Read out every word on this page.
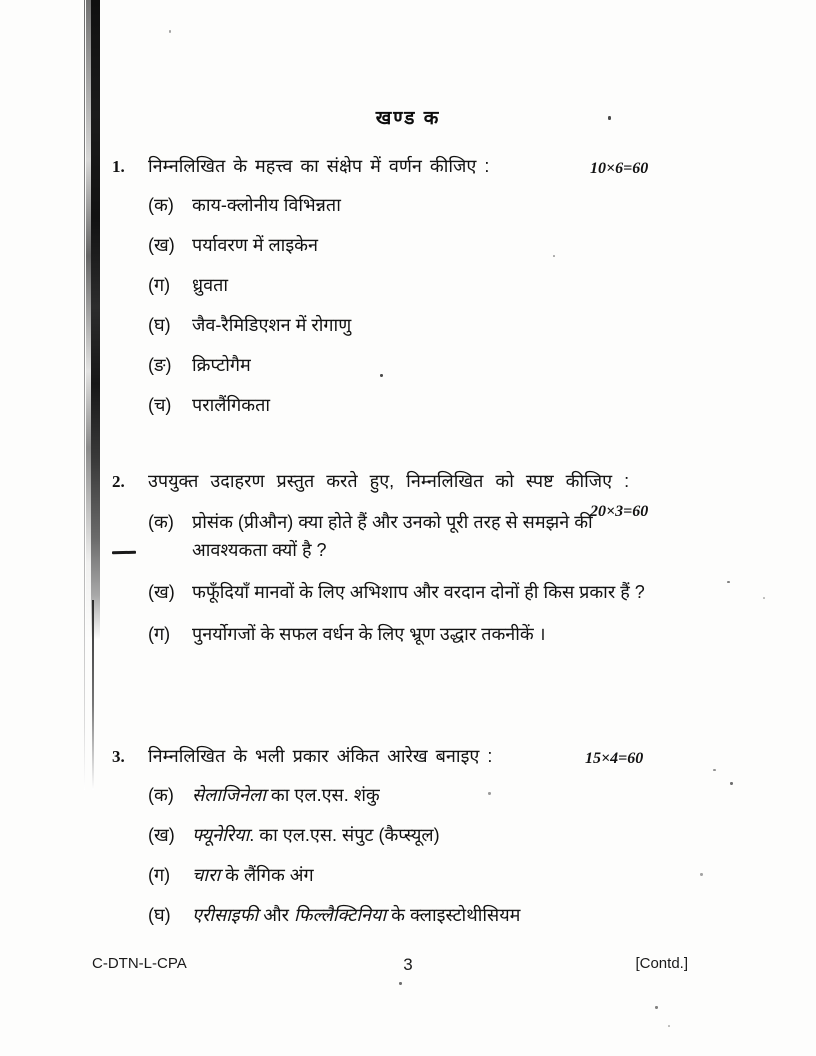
खण्ड क
1.	निम्नलिखित के महत्त्व का संक्षेप में वर्णन कीजिए :
(क)	काय-क्लोनीय विभिन्नता
(ख) पर्यावरण में लाइकेन
(ग)	ध्रुवता
(घ)	जैव-रैमिडिएशन में रोगाणु
(ङ)	क्रिप्टोगैम
(च)	परालैंगिकता
10×6=60
2.	उपयुक्त उदाहरण प्रस्तुत करते हुए, निम्नलिखित को स्पष्ट कीजिए :
(क)	प्रोसंक (प्रीऔन) क्या होते हैं और उनको पूरी तरह से समझने की आवश्यकता क्यों है ?
(ख) फफूँदियाँ मानवों के लिए अभिशाप और वरदान दोनों ही किस प्रकार हैं ?
(ग)	पुनर्योगजों के सफल वर्धन के लिए भ्रूण उद्धार तकनीकें ।
20×3=60
3.	निम्नलिखित के भली प्रकार अंकित आरेख बनाइए :
(क)	सेलाजिनेला का एल.एस. शंकु
(ख) फ्यूनेरिया. का एल.एस. संपुट (कैप्स्यूल)
(ग)	चारा के लैंगिक अंग
(घ)	एरीसाइफी और फिल्लैक्टिनिया के क्लाइस्टोथीसियम
15×4=60
C-DTN-L-CPA	3	[Contd.]
